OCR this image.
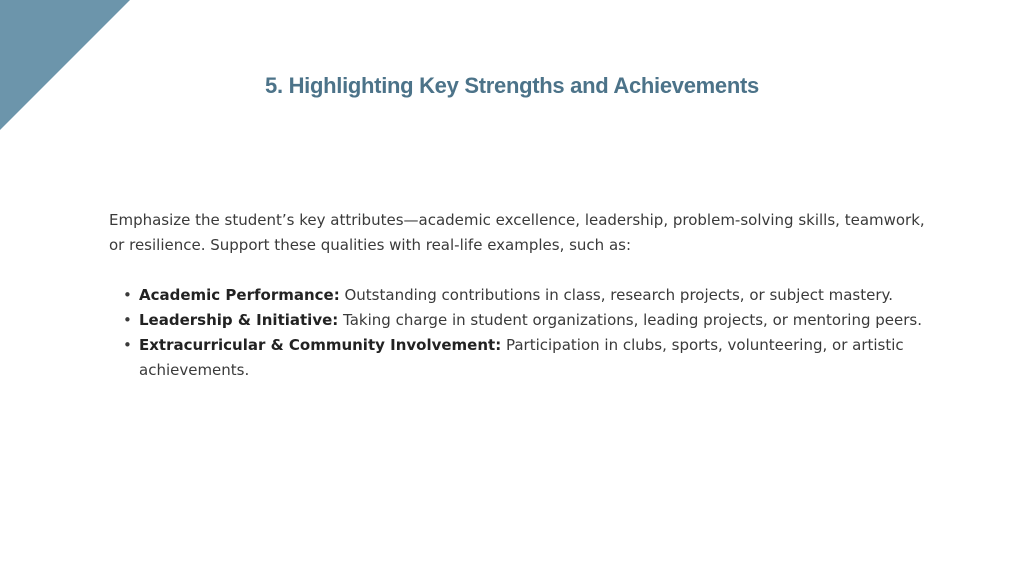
5. Highlighting Key Strengths and Achievements

Emphasize the student’s key attributes—academic excellence, leadership, problem-solving skills, teamwork, or resilience. Support these qualities with real-life examples, such as:

• Academic Performance: Outstanding contributions in class, research projects, or subject mastery.
• Leadership & Initiative: Taking charge in student organizations, leading projects, or mentoring peers.
• Extracurricular & Community Involvement: Participation in clubs, sports, volunteering, or artistic achievements.
